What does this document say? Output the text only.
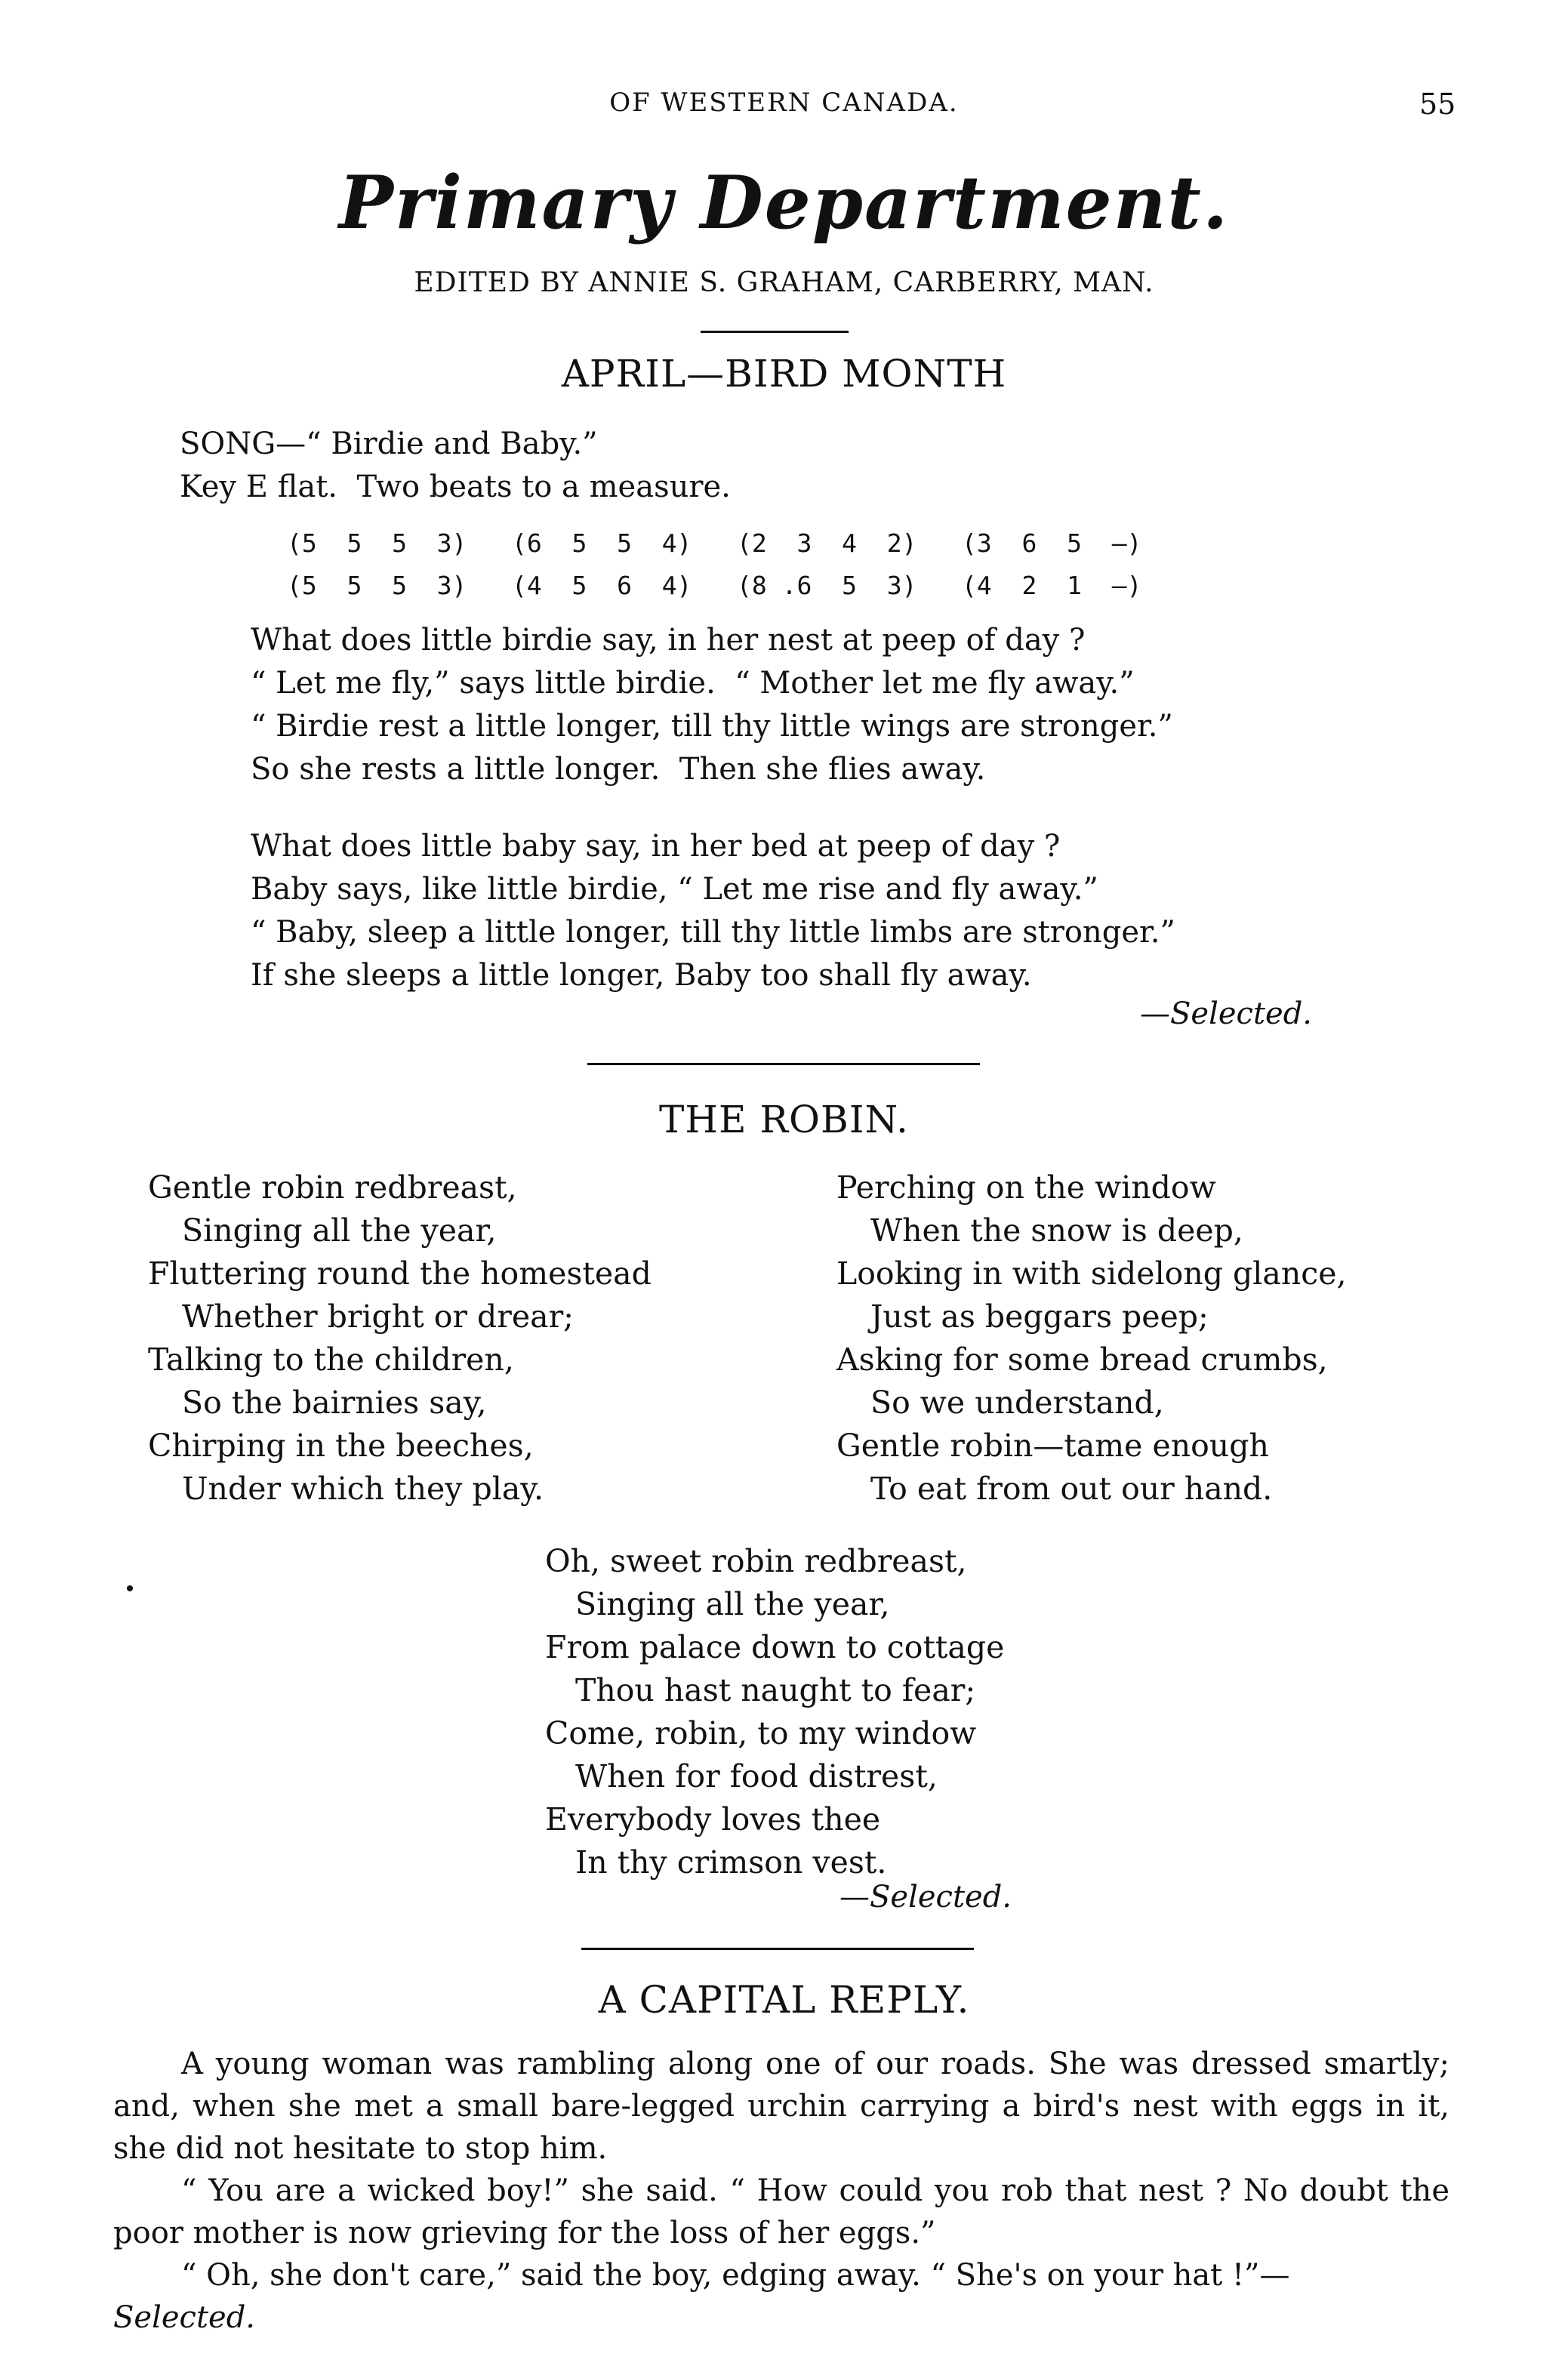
OF WESTERN CANADA.	55
Primary Department.
EDITED BY ANNIE S. GRAHAM, CARBERRY, MAN.
APRIL—BIRD MONTH
SONG—“ Birdie and Baby.”
Key E flat.  Two beats to a measure.
(5  5  5  3)   (6  5  5  4)   (2  3  4  2)   (3  6  5  —)
(5  5  5  3)   (4  5  6  4)   (8 .6  5  3)   (4  2  1  —)
What does little birdie say, in her nest at peep of day ?
“ Let me fly,” says little birdie.  “ Mother let me fly away.”
“ Birdie rest a little longer, till thy little wings are stronger.”
So she rests a little longer.  Then she flies away.
What does little baby say, in her bed at peep of day ?
Baby says, like little birdie, “ Let me rise and fly away.”
“ Baby, sleep a little longer, till thy little limbs are stronger.”
If she sleeps a little longer, Baby too shall fly away.
—Selected.
THE ROBIN.
Gentle robin redbreast,
Singing all the year,
Fluttering round the homestead
Whether bright or drear;
Talking to the children,
So the bairnies say,
Chirping in the beeches,
Under which they play.
Perching on the window
When the snow is deep,
Looking in with sidelong glance,
Just as beggars peep;
Asking for some bread crumbs,
So we understand,
Gentle robin—tame enough
To eat from out our hand.
Oh, sweet robin redbreast,
Singing all the year,
From palace down to cottage
Thou hast naught to fear;
Come, robin, to my window
When for food distrest,
Everybody loves thee
In thy crimson vest.
—Selected.
A CAPITAL REPLY.

A young woman was rambling along one of our roads. She was dressed smartly; and, when she met a small bare-legged urchin carrying a bird's nest with eggs in it, she did not hesitate to stop him.

“ You are a wicked boy!” she said. “ How could you rob that nest ? No doubt the poor mother is now grieving for the loss of her eggs.”

“ Oh, she don't care,” said the boy, edging away. “ She's on your hat !”—

Selected.
